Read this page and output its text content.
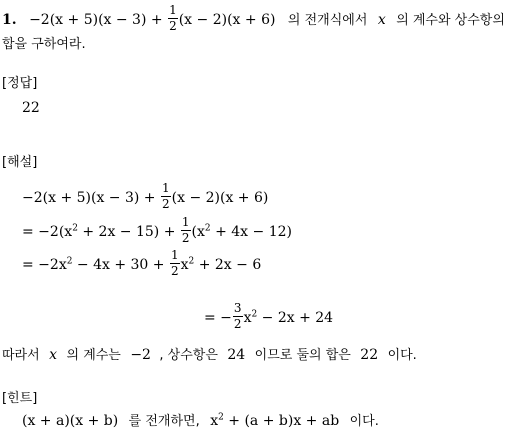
1. $-2(x + 5)(x - 3) + \frac{1}{2} (x - 2)(x + 6)$ 의 전개식에서 x 의 계수와 상수항의
합을 구하여라.
[정답]
22
[해설]
$-2(x + 5)(x - 3) + \frac{1}{2} (x - 2)(x + 6)$
= $-2(x^2 + 2x - 15) + \frac{1}{2} (x^2 + 4x - 12)$
= $-2x^2 - 4x + 30 + \frac{1}{2} x^2 + 2x - 6$
= − $\frac{3}{2} x^2 - 2x + 24$
따라서 x 의 계수는 −2 , 상수항은 24 이므로 둘의 합은 22 이다.
[힌트]
(x + a)(x + b) 를 전개하면, $x^2 + (a + b)x$ + ab 이다.
